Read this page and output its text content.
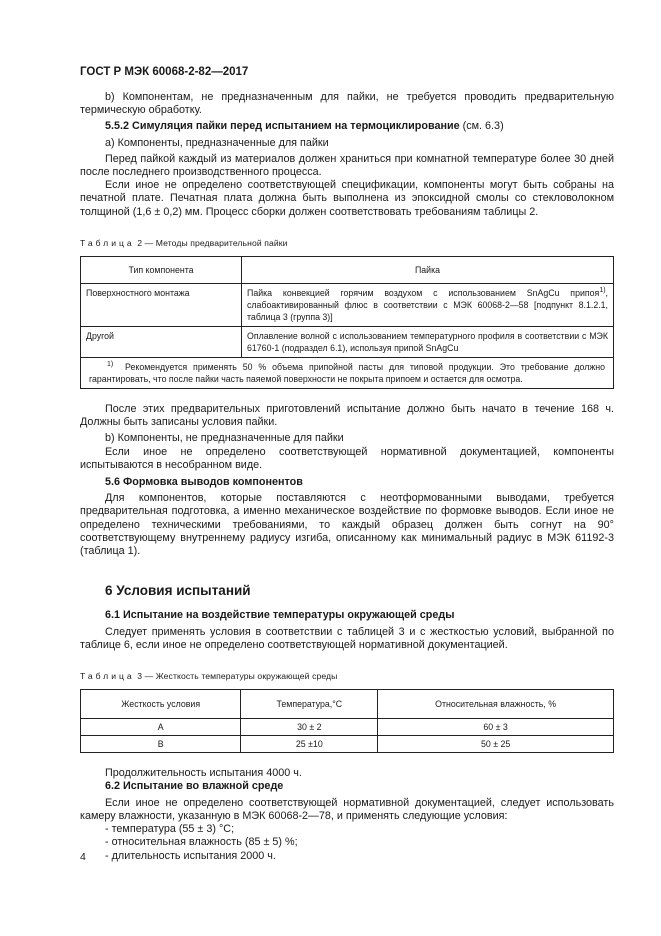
ГОСТ Р МЭК 60068-2-82—2017

b) Компонентам, не предназначенным для пайки, не требуется проводить предварительную термическую обработку.

5.5.2 Симуляция пайки перед испытанием на термоциклирование (см. 6.3)

a) Компоненты, предназначенные для пайки

Перед пайкой каждый из материалов должен храниться при комнатной температуре более 30 дней после последнего производственного процесса.

Если иное не определено соответствующей спецификации, компоненты могут быть собраны на печатной плате. Печатная плата должна быть выполнена из эпоксидной смолы со стекловолокном толщиной (1,6 ± 0,2) мм. Процесс сборки должен соответствовать требованиям таблицы 2.

Таблица 2 — Методы предварительной пайки
Тип компонента	Пайка
Поверхностного монтажа	Пайка конвекцией горячим воздухом с использованием SnAgCu припоя$^{1)}$, слабоактивированный флюс в соответствии с МЭК 60068-2—58 [подпункт 8.1.2.1, таблица 3 (группа 3)]
Другой	Оплавление волной с использованием температурного профиля в соответствии с МЭК 61760-1 (подраздел 6.1), используя припой SnAgCu
$^{1)}$ Рекомендуется применять 50 % объема припойной пасты для типовой продукции. Это требование должно гарантировать, что после пайки часть паяемой поверхности не покрыта припоем и остается для осмотра.	

После этих предварительных приготовлений испытание должно быть начато в течение 168 ч. Должны быть записаны условия пайки.

b) Компоненты, не предназначенные для пайки

Если иное не определено соответствующей нормативной документацией, компоненты испытываются в несобранном виде.

5.6 Формовка выводов компонентов

Для компонентов, которые поставляются с неотформованными выводами, требуется предварительная подготовка, а именно механическое воздействие по формовке выводов. Если иное не определено техническими требованиями, то каждый образец должен быть согнут на 90° соответствующему внутреннему радиусу изгиба, описанному как минимальный радиус в МЭК 61192-3 (таблица 1).

6 Условия испытаний

6.1 Испытание на воздействие температуры окружающей среды

Следует применять условия в соответствии с таблицей 3 и с жесткостью условий, выбранной по таблице 6, если иное не определено соответствующей нормативной документацией.

Таблица 3 — Жесткость температуры окружающей среды
Жесткость условия	Температура,°С	Относительная влажность, %
A	30 ± 2	60 ± 3
B	25 ±10	50 ± 25

Продолжительность испытания 4000 ч.

6.2 Испытание во влажной среде

Если иное не определено соответствующей нормативной документацией, следует использовать камеру влажности, указанную в МЭК 60068-2—78, и применять следующие условия:

- температура (55 ± 3) °С;
- относительная влажность (85 ± 5) %;
- длительность испытания 2000 ч.
4
